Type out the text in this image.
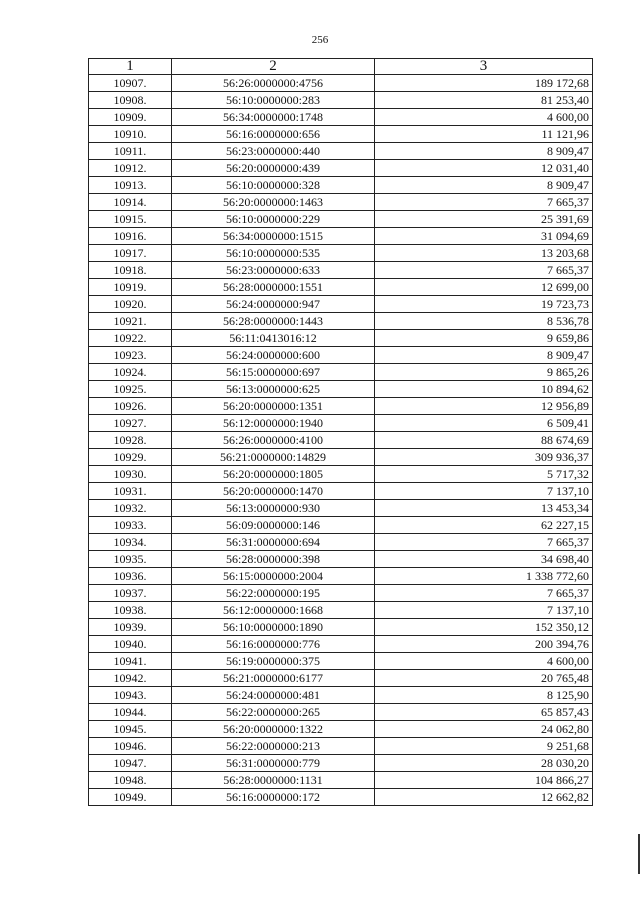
256
1	2	3
10907.	56:26:0000000:4756	189 172,68
10908.	56:10:0000000:283	81 253,40
10909.	56:34:0000000:1748	4 600,00
10910.	56:16:0000000:656	11 121,96
10911.	56:23:0000000:440	8 909,47
10912.	56:20:0000000:439	12 031,40
10913.	56:10:0000000:328	8 909,47
10914.	56:20:0000000:1463	7 665,37
10915.	56:10:0000000:229	25 391,69
10916.	56:34:0000000:1515	31 094,69
10917.	56:10:0000000:535	13 203,68
10918.	56:23:0000000:633	7 665,37
10919.	56:28:0000000:1551	12 699,00
10920.	56:24:0000000:947	19 723,73
10921.	56:28:0000000:1443	8 536,78
10922.	56:11:0413016:12	9 659,86
10923.	56:24:0000000:600	8 909,47
10924.	56:15:0000000:697	9 865,26
10925.	56:13:0000000:625	10 894,62
10926.	56:20:0000000:1351	12 956,89
10927.	56:12:0000000:1940	6 509,41
10928.	56:26:0000000:4100	88 674,69
10929.	56:21:0000000:14829	309 936,37
10930.	56:20:0000000:1805	5 717,32
10931.	56:20:0000000:1470	7 137,10
10932.	56:13:0000000:930	13 453,34
10933.	56:09:0000000:146	62 227,15
10934.	56:31:0000000:694	7 665,37
10935.	56:28:0000000:398	34 698,40
10936.	56:15:0000000:2004	1 338 772,60
10937.	56:22:0000000:195	7 665,37
10938.	56:12:0000000:1668	7 137,10
10939.	56:10:0000000:1890	152 350,12
10940.	56:16:0000000:776	200 394,76
10941.	56:19:0000000:375	4 600,00
10942.	56:21:0000000:6177	20 765,48
10943.	56:24:0000000:481	8 125,90
10944.	56:22:0000000:265	65 857,43
10945.	56:20:0000000:1322	24 062,80
10946.	56:22:0000000:213	9 251,68
10947.	56:31:0000000:779	28 030,20
10948.	56:28:0000000:1131	104 866,27
10949.	56:16:0000000:172	12 662,82
